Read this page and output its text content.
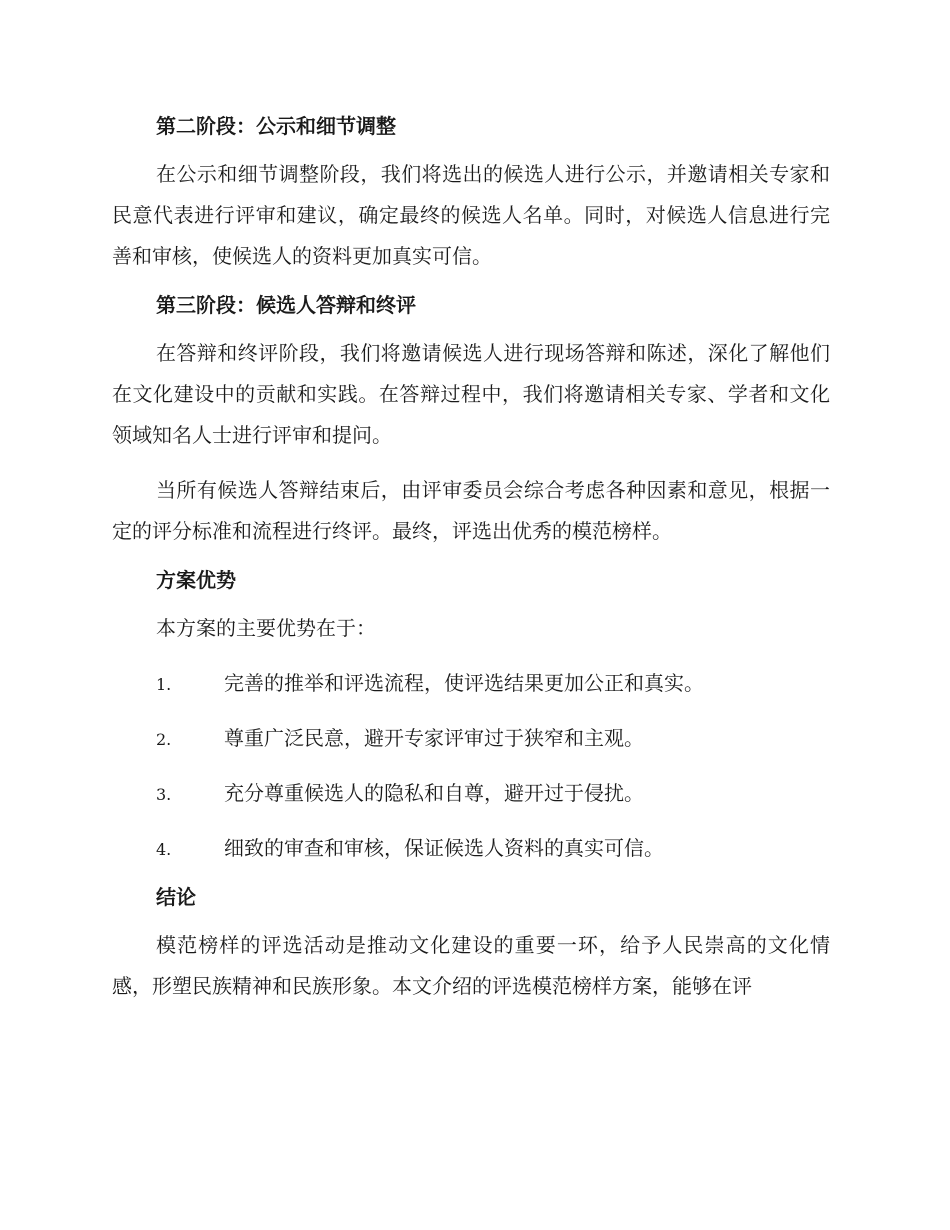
第二阶段：公示和细节调整

在公示和细节调整阶段，我们将选出的候选人进行公示，并邀请相关专家和民意代表进行评审和建议，确定最终的候选人名单。同时，对候选人信息进行完善和审核，使候选人的资料更加真实可信。

第三阶段：候选人答辩和终评

在答辩和终评阶段，我们将邀请候选人进行现场答辩和陈述，深化了解他们在文化建设中的贡献和实践。在答辩过程中，我们将邀请相关专家、学者和文化领域知名人士进行评审和提问。

当所有候选人答辩结束后，由评审委员会综合考虑各种因素和意见，根据一定的评分标准和流程进行终评。最终，评选出优秀的模范榜样。

方案优势

本方案的主要优势在于：

1.	完善的推举和评选流程，使评选结果更加公正和真实。
2.	尊重广泛民意，避开专家评审过于狭窄和主观。
3.	充分尊重候选人的隐私和自尊，避开过于侵扰。
4.	细致的审查和审核，保证候选人资料的真实可信。

结论

模范榜样的评选活动是推动文化建设的重要一环，给予人民崇高的文化情感，形塑民族精神和民族形象。本文介绍的评选模范榜样方案，能够在评
